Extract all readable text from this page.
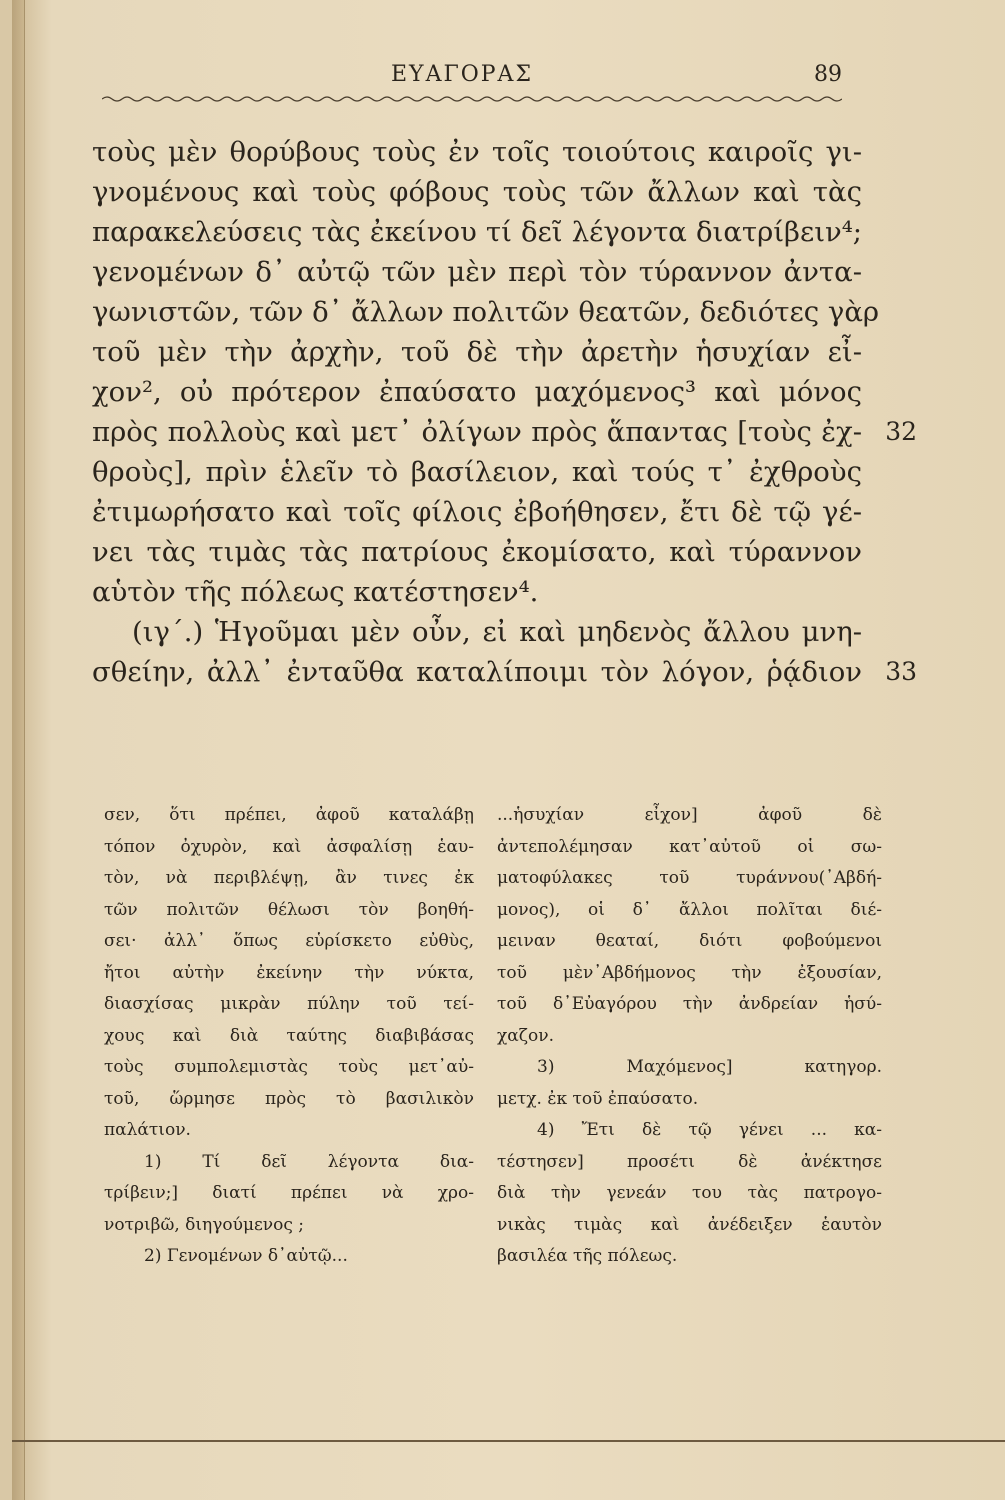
ΕΥΑΓΟΡΑΣ	89
τοὺς μὲν θορύβους τοὺς ἐν τοῖς τοιούτοις καιροῖς γι-
γνομένους καὶ τοὺς φόβους τοὺς τῶν ἄλλων καὶ τὰς
παρακελεύσεις τὰς ἐκείνου τί δεῖ λέγοντα διατρίβειν⁴;
γενομένων δ᾽ αὐτῷ τῶν μὲν περὶ τὸν τύραννον ἀντα-
γωνιστῶν, τῶν δ᾽ ἄλλων πολιτῶν θεατῶν, δεδιότες γὰρ
τοῦ μὲν τὴν ἀρχὴν, τοῦ δὲ τὴν ἀρετὴν ἡσυχίαν εἶ-
χον², οὐ πρότερον ἐπαύσατο μαχόμενος³ καὶ μόνος
πρὸς πολλοὺς καὶ μετ᾽ ὀλίγων πρὸς ἅπαντας [τοὺς ἐχ-
θροὺς], πρὶν ἑλεῖν τὸ βασίλειον, καὶ τούς τ᾽ ἐχθροὺς
ἐτιμωρήσατο καὶ τοῖς φίλοις ἐβοήθησεν, ἔτι δὲ τῷ γέ-
νει τὰς τιμὰς τὰς πατρίους ἐκομίσατο, καὶ τύραννον
αὑτὸν τῆς πόλεως κατέστησεν⁴.
(ιγ΄.) Ἡγοῦμαι μὲν οὖν, εἰ καὶ μηδενὸς ἄλλου μνη-
σθείην, ἀλλ᾽ ἐνταῦθα καταλίποιμι τὸν λόγον, ῥᾴδιον
32
33
σεν, ὅτι πρέπει, ἀφοῦ καταλάβῃ
τόπον ὀχυρὸν, καὶ ἀσφαλίσῃ ἑαυ-
τὸν, νὰ περιβλέψῃ, ἂν τινες ἐκ
τῶν πολιτῶν θέλωσι τὸν βοηθή-
σει· ἀλλ᾽ ὅπως εὑρίσκετο εὐθὺς,
ἤτοι αὐτὴν ἐκείνην τὴν νύκτα,
διασχίσας μικρὰν πύλην τοῦ τεί-
χους καὶ διὰ ταύτης διαβιβάσας
τοὺς συμπολεμιστὰς τοὺς μετ᾽αὐ-
τοῦ, ὥρμησε πρὸς τὸ βασιλικὸν
παλάτιον.
1) Τί δεῖ λέγοντα δια-
τρίβειν;] διατί πρέπει νὰ χρο-
νοτριβῶ, διηγούμενος ;
2) Γενομένων δ᾽αὐτῷ...
...ἡσυχίαν εἶχον] ἀφοῦ δὲ
ἀντεπολέμησαν κατ᾽αὐτοῦ οἱ σω-
ματοφύλακες τοῦ τυράννου(᾽Αβδή-
μονος), οἱ δ᾽ ἄλλοι πολῖται διέ-
μειναν θεαταί, διότι φοβούμενοι
τοῦ μὲν᾽Αβδήμονος τὴν ἐξουσίαν,
τοῦ δ᾽Εὐαγόρου τὴν ἀνδρείαν ἡσύ-
χαζον.
3) Μαχόμενος] κατηγορ.
μετχ. ἐκ τοῦ ἐπαύσατο.
4) Ἔτι δὲ τῷ γένει ... κα-
τέστησεν] προσέτι δὲ ἀνέκτησε
διὰ τὴν γενεάν του τὰς πατρογο-
νικὰς τιμὰς καὶ ἀνέδειξεν ἑαυτὸν
βασιλέα τῆς πόλεως.
